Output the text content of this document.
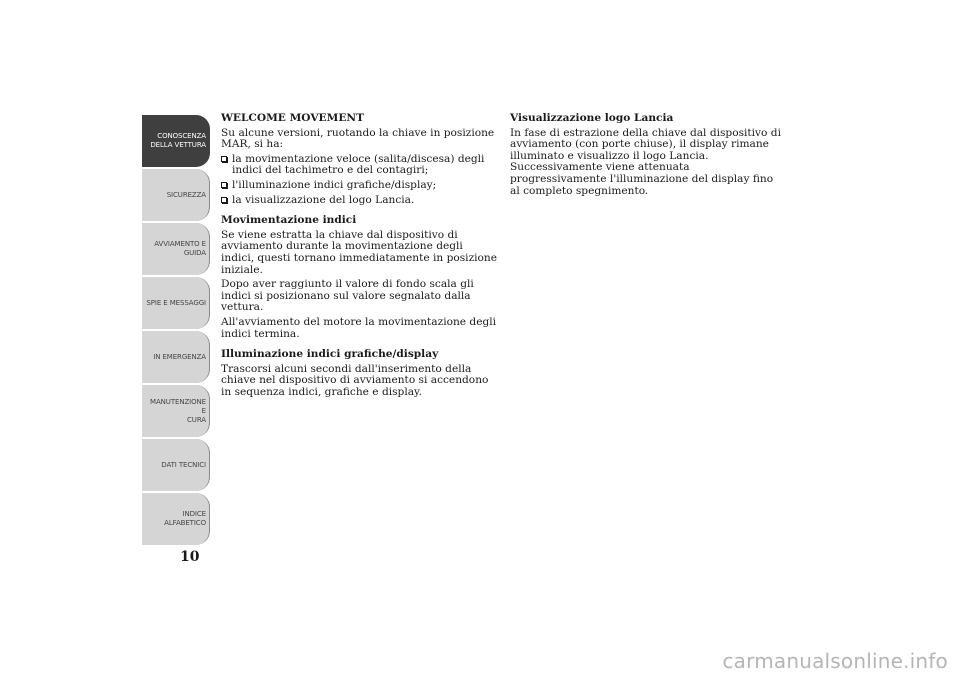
CONOSCENZA
DELLA VETTURA
SICUREZZA
AVVIAMENTO E
GUIDA
SPIE E MESSAGGI
IN EMERGENZA
MANUTENZIONE E
CURA
DATI TECNICI
INDICE
ALFABETICO
10
WELCOME MOVEMENT

Su alcune versioni, ruotando la chiave in posizione MAR, si ha:

la movimentazione veloce (salita/discesa) degli indici del tachimetro e del contagiri;
l'illuminazione indici grafiche/display;
la visualizzazione del logo Lancia.
Movimentazione indici

Se viene estratta la chiave dal dispositivo di avviamento durante la movimentazione degli indici, questi tornano immediatamente in posizione iniziale.

Dopo aver raggiunto il valore di fondo scala gli indici si posizionano sul valore segnalato dalla vettura.

All'avviamento del motore la movimentazione degli indici termina.

Illuminazione indici grafiche/display

Trascorsi alcuni secondi dall'inserimento della chiave nel dispositivo di avviamento si accendono in sequenza indici, grafiche e display.

Visualizzazione logo Lancia

In fase di estrazione della chiave dal dispositivo di avviamento (con porte chiuse), il display rimane illuminato e visualizzo il logo Lancia. Successivamente viene attenuata progressivamente l'illuminazione del display fino al completo spegnimento.

carmanualsonline.info
